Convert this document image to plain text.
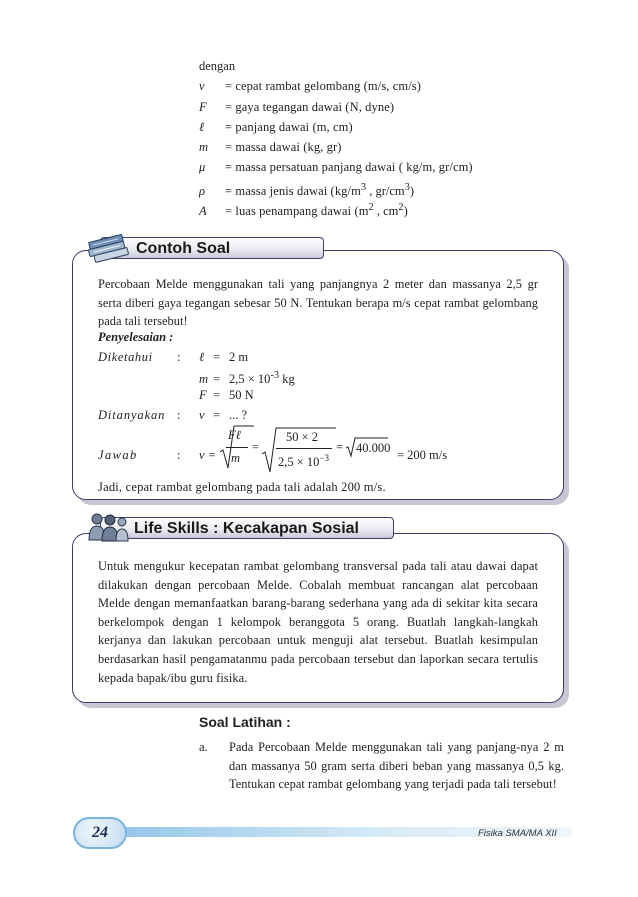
dengan
v = cepat rambat gelombang (m/s, cm/s)
F = gaya tegangan dawai (N, dyne)
ℓ = panjang dawai (m, cm)
m = massa dawai (kg, gr)
μ = massa persatuan panjang dawai ( kg/m, gr/cm)
ρ = massa jenis dawai ($kg/m^3$ , $gr/cm^3$)
A = luas penampang dawai ($m^2$ , $cm^2$)
Contoh Soal
Percobaan Melde menggunakan tali yang panjangnya 2 meter dan massanya 2,5 gr serta diberi gaya tegangan sebesar 50 N. Tentukan berapa m/s cepat rambat gelombang pada tali tersebut!
Penyelesaian :
Diketahui : ℓ = 2 m
$m = 2,5 \times 10^{-3}$ kg
F = 50 N
Ditanyakan : v = ... ?
Jawab	: v =
Fℓ
m
=
50 × 2
$2,5 \times 10^{-3}$
= 40.000 = 200 m/s
Jadi, cepat rambat gelombang pada tali adalah 200 m/s.
Life Skills : Kecakapan Sosial
Untuk mengukur kecepatan rambat gelombang transversal pada tali atau dawai dapat dilakukan dengan percobaan Melde. Cobalah membuat rancangan alat percobaan Melde dengan memanfaatkan barang-barang sederhana yang ada di sekitar kita secara berkelompok dengan 1 kelompok beranggota 5 orang. Buatlah langkah-langkah kerjanya dan lakukan percobaan untuk menguji alat tersebut. Buatlah kesimpulan berdasarkan hasil pengamatanmu pada percobaan tersebut dan laporkan secara tertulis kepada bapak/ibu guru fisika.
Soal Latihan :
a. Pada Percobaan Melde menggunakan tali yang panjang-nya 2 m dan massanya 50 gram serta diberi beban yang massanya 0,5 kg. Tentukan cepat rambat gelombang yang terjadi pada tali tersebut!
24	Fisika SMA/MA XII
